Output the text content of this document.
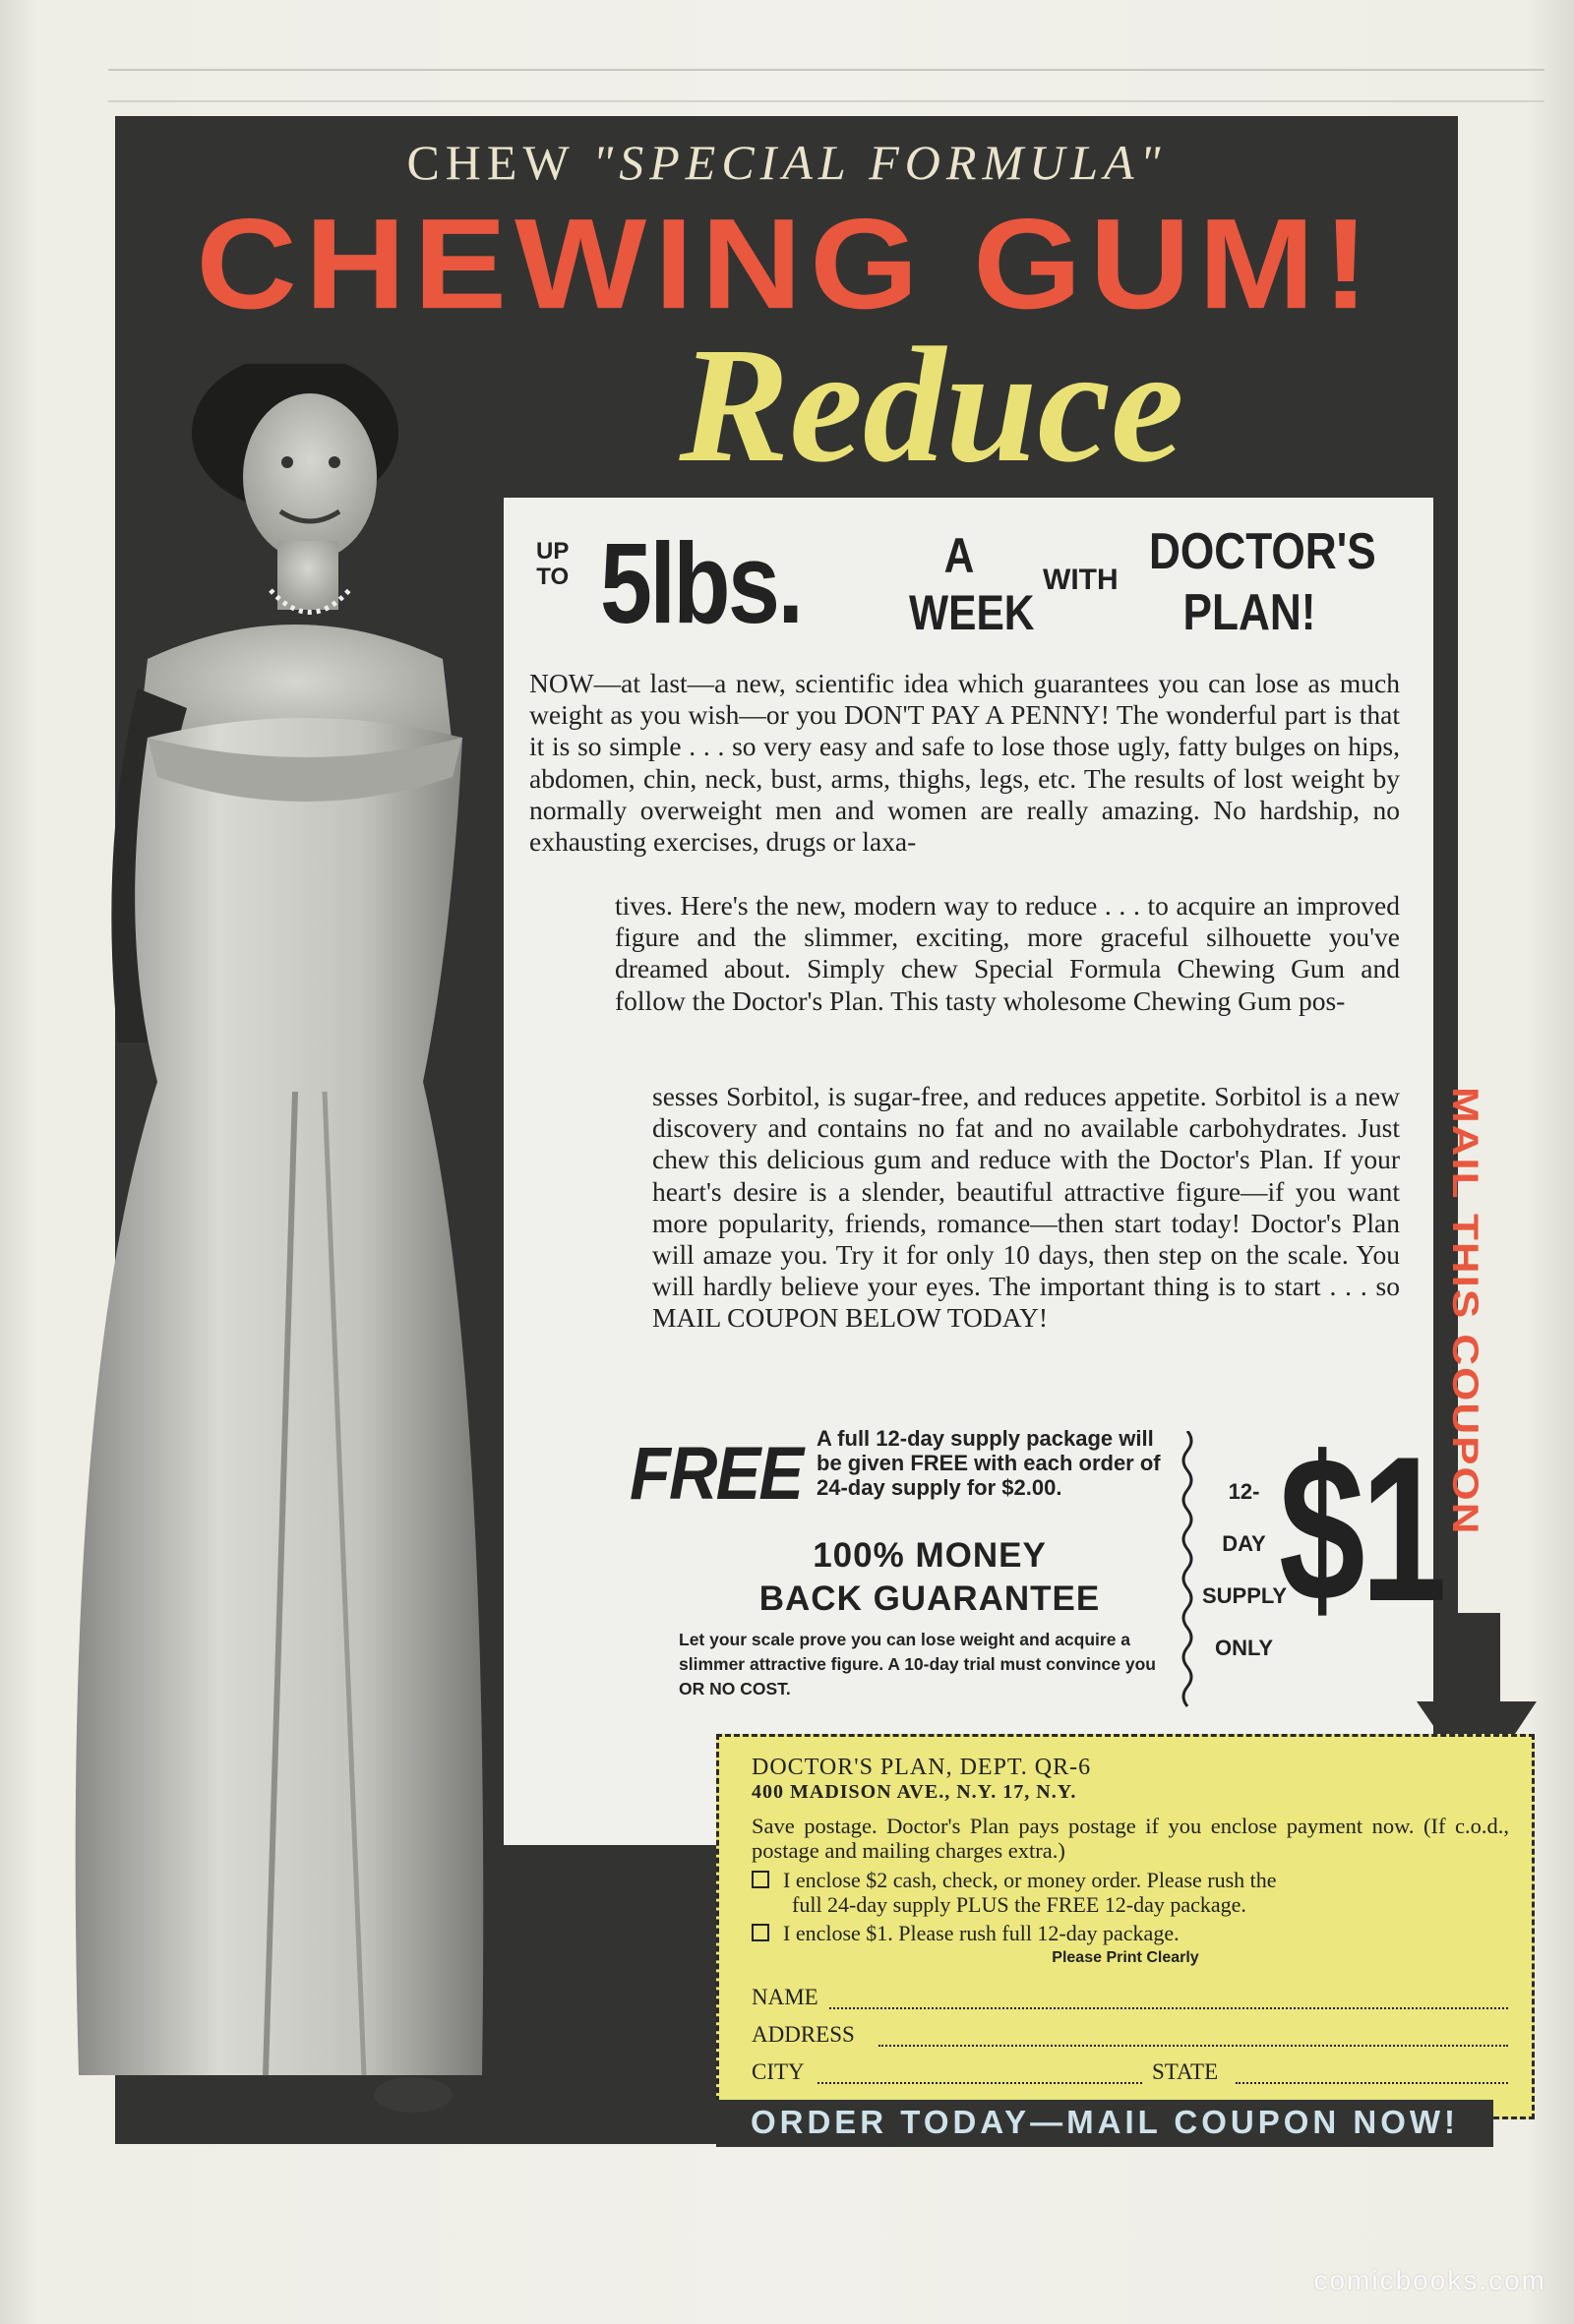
CHEW "SPECIAL FORMULA"
CHEWING GUM!
Reduce
UP
TO 5lbs.	A
WEEK
WITH DOCTOR'S
PLAN!

NOW—at last—a new, scientific idea which guarantees you can lose as much weight as you wish—or you DON'T PAY A PENNY! The wonderful part is that it is so simple . . . so very easy and safe to lose those ugly, fatty bulges on hips, abdomen, chin, neck, bust, arms, thighs, legs, etc. The results of lost weight by normally overweight men and women are really amazing. No hardship, no exhausting exercises, drugs or laxa-

tives. Here's the new, modern way to reduce . . . to acquire an improved figure and the slimmer, exciting, more graceful silhouette you've dreamed about. Simply chew Special Formula Chewing Gum and follow the Doctor's Plan. This tasty wholesome Chewing Gum pos-

sesses Sorbitol, is sugar-free, and reduces appetite. Sorbitol is a new discovery and contains no fat and no available carbohydrates. Just chew this delicious gum and reduce with the Doctor's Plan. If your heart's desire is a slender, beautiful attractive figure—if you want more popularity, friends, romance—then start today! Doctor's Plan will amaze you. Try it for only 10 days, then step on the scale. You will hardly believe your eyes. The important thing is to start . . . so MAIL COUPON BELOW TODAY!

FREE A full 12-day supply package will be given FREE with each order of 24-day supply for $2.00.
100% MONEY
BACK GUARANTEE
Let your scale prove you can lose weight and acquire a slimmer attractive figure. A 10-day trial must convince you OR NO COST.
12-
DAY
SUPPLY
ONLY
$1 MAIL THIS COUPON
DOCTOR'S PLAN, DEPT. QR-6
400 MADISON AVE., N.Y. 17, N.Y.

Save postage. Doctor's Plan pays postage if you enclose payment now. (If c.o.d., postage and mailing charges extra.)

I enclose $2 cash, check, or money order. Please rush the
full 24-day supply PLUS the FREE 12-day package.
I enclose $1. Please rush full 12-day package.
Please Print Clearly
NAME
ADDRESS
CITY	STATE
ORDER TODAY—MAIL COUPON NOW!
comicbooks.com
